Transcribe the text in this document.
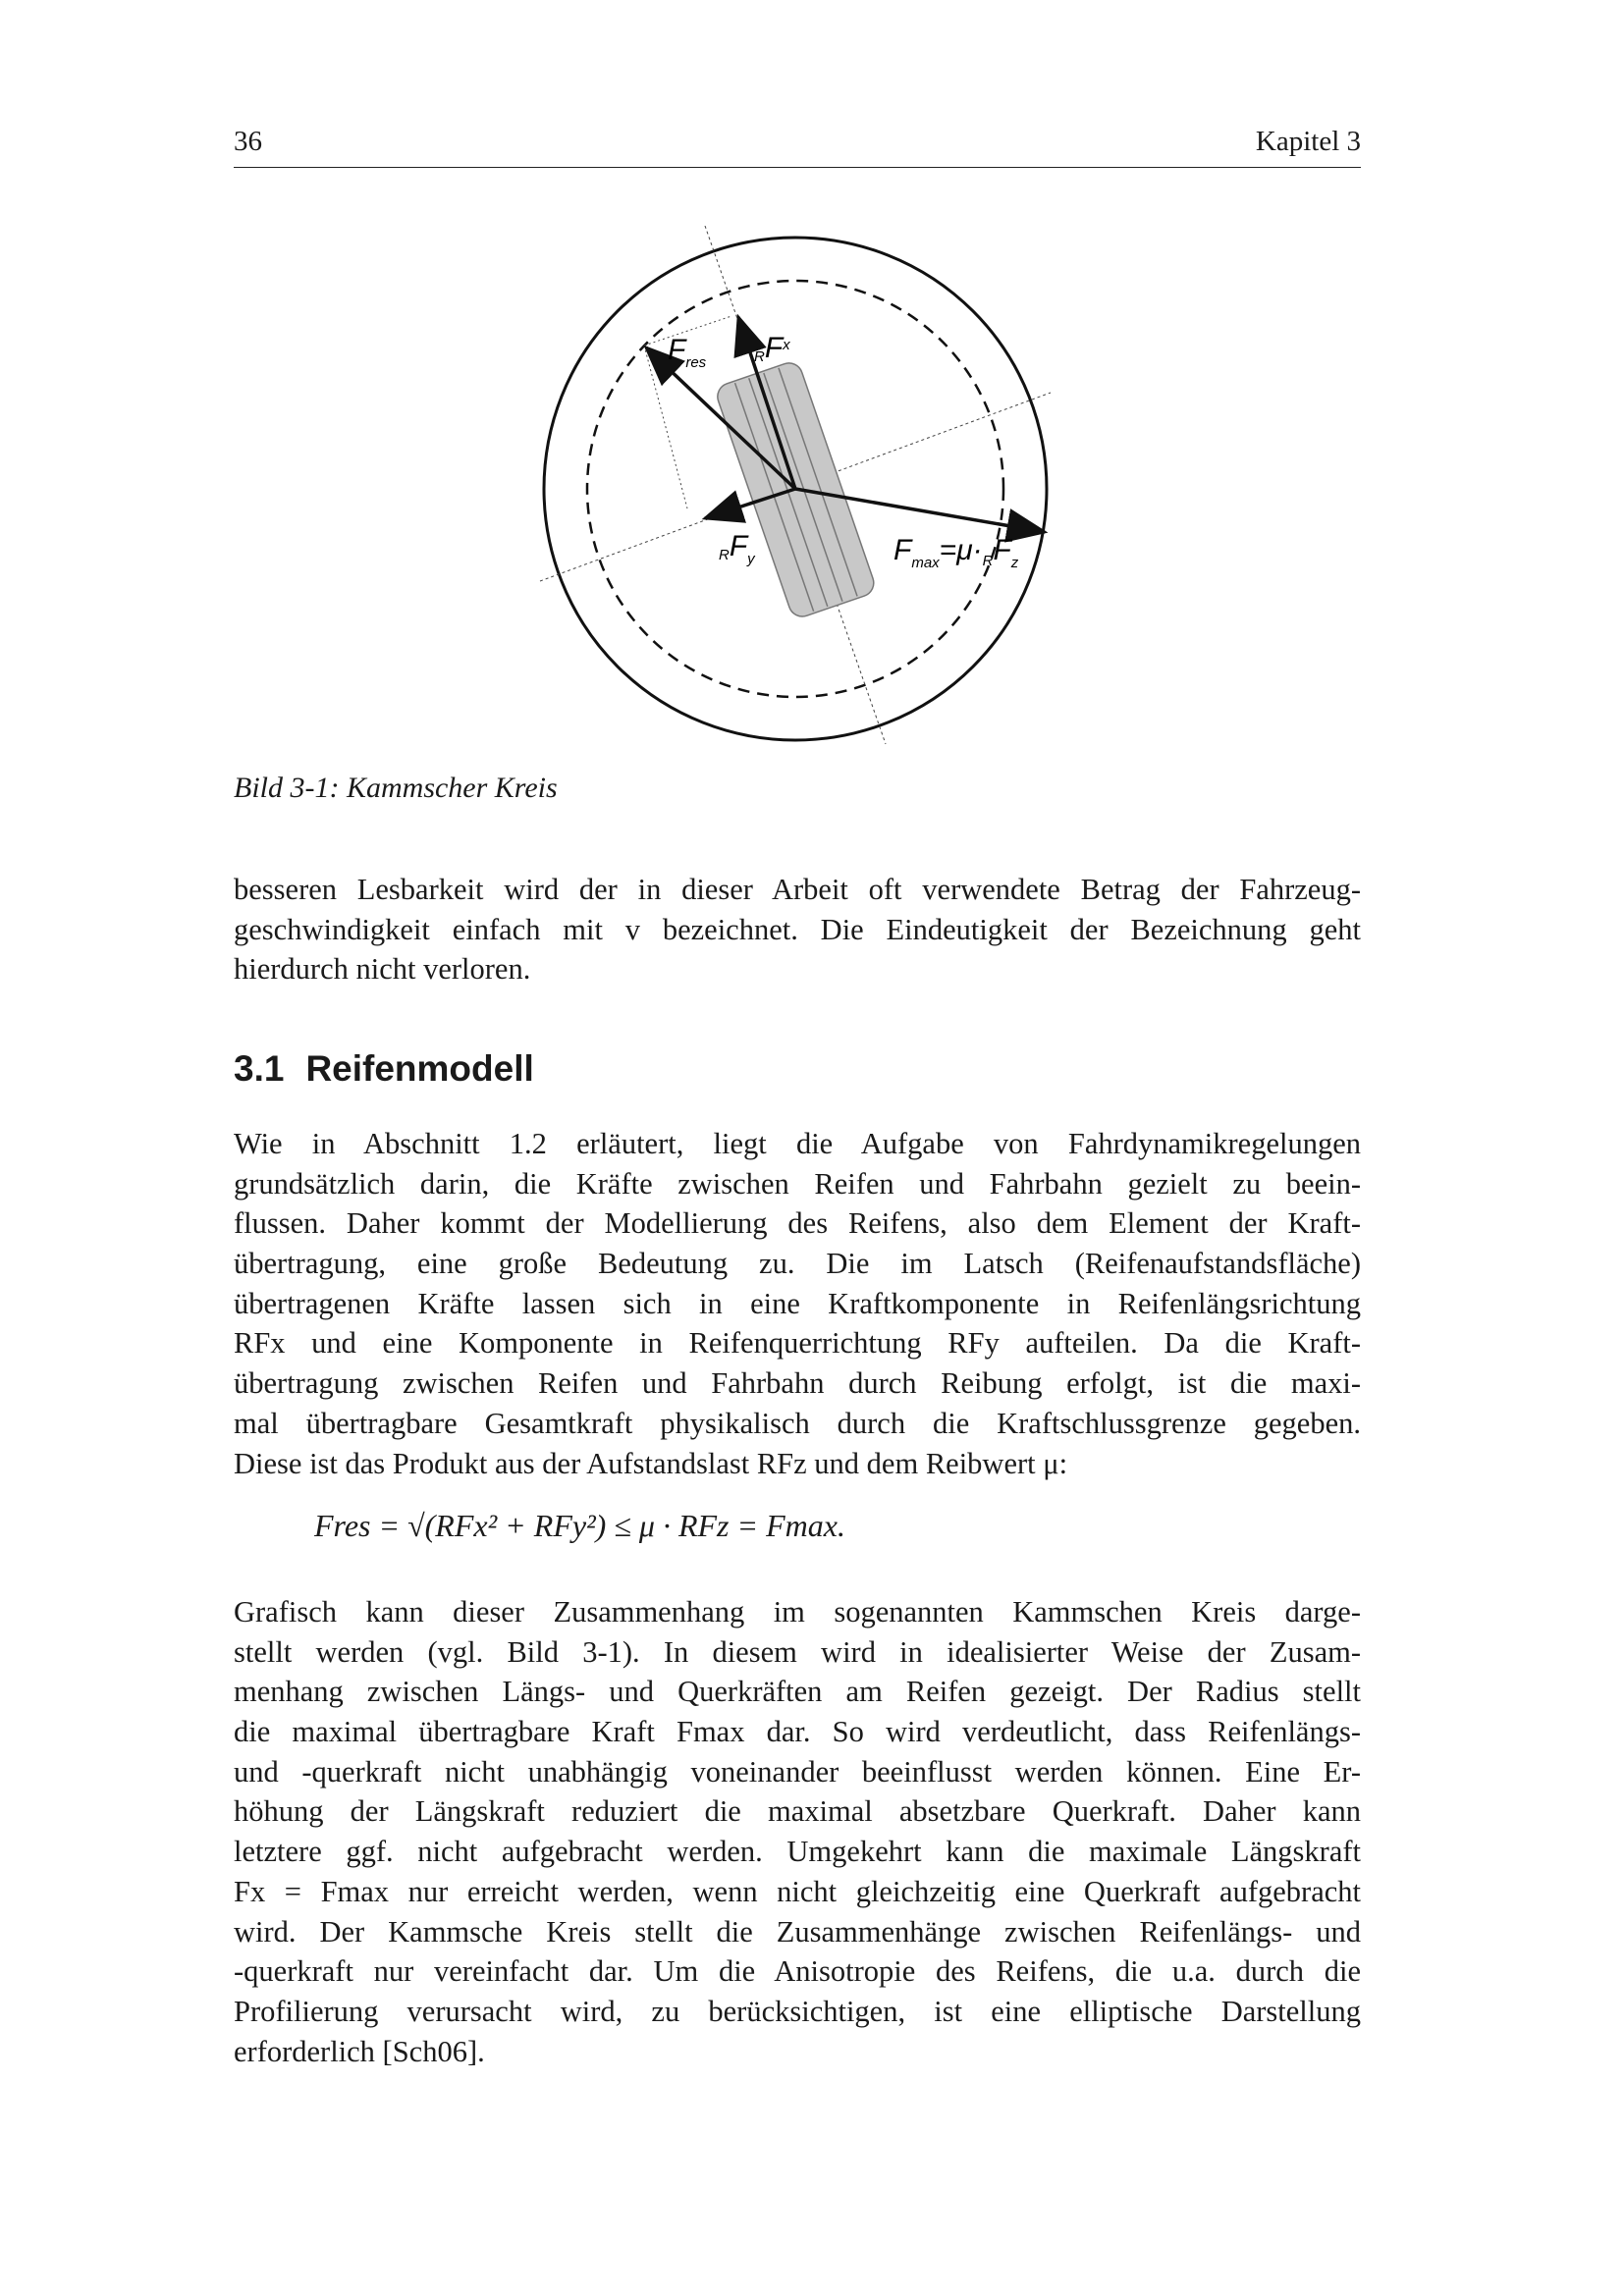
36	Kapitel 3
$F_{res}$	$RF^x$
$RF_y$	$F_{max}=\mu\cdot_RF_z$
Bild 3-1: Kammscher Kreis
besseren Lesbarkeit wird der in dieser Arbeit oft verwendete Betrag der Fahrzeug-
geschwindigkeit einfach mit v bezeichnet. Die Eindeutigkeit der Bezeichnung geht
hierdurch nicht verloren.
3.1 Reifenmodell
Wie in Abschnitt 1.2 erläutert, liegt die Aufgabe von Fahrdynamikregelungen
grundsätzlich darin, die Kräfte zwischen Reifen und Fahrbahn gezielt zu beein-
flussen. Daher kommt der Modellierung des Reifens, also dem Element der Kraft-
übertragung, eine große Bedeutung zu. Die im Latsch (Reifenaufstandsfläche)
übertragenen Kräfte lassen sich in eine Kraftkomponente in Reifenlängsrichtung
RFx und eine Komponente in Reifenquerrichtung RFy aufteilen. Da die Kraft-
übertragung zwischen Reifen und Fahrbahn durch Reibung erfolgt, ist die maxi-
mal übertragbare Gesamtkraft physikalisch durch die Kraftschlussgrenze gegeben.
Diese ist das Produkt aus der Aufstandslast RFz und dem Reibwert μ:
Fres = √(RFx² + RFy²) ≤ μ · RFz = Fmax.
Grafisch kann dieser Zusammenhang im sogenannten Kammschen Kreis darge-
stellt werden (vgl. Bild 3-1). In diesem wird in idealisierter Weise der Zusam-
menhang zwischen Längs- und Querkräften am Reifen gezeigt. Der Radius stellt
die maximal übertragbare Kraft Fmax dar. So wird verdeutlicht, dass Reifenlängs-
und -querkraft nicht unabhängig voneinander beeinflusst werden können. Eine Er-
höhung der Längskraft reduziert die maximal absetzbare Querkraft. Daher kann
letztere ggf. nicht aufgebracht werden. Umgekehrt kann die maximale Längskraft
Fx = Fmax nur erreicht werden, wenn nicht gleichzeitig eine Querkraft aufgebracht
wird. Der Kammsche Kreis stellt die Zusammenhänge zwischen Reifenlängs- und
-querkraft nur vereinfacht dar. Um die Anisotropie des Reifens, die u.a. durch die
Profilierung verursacht wird, zu berücksichtigen, ist eine elliptische Darstellung
erforderlich [Sch06].
